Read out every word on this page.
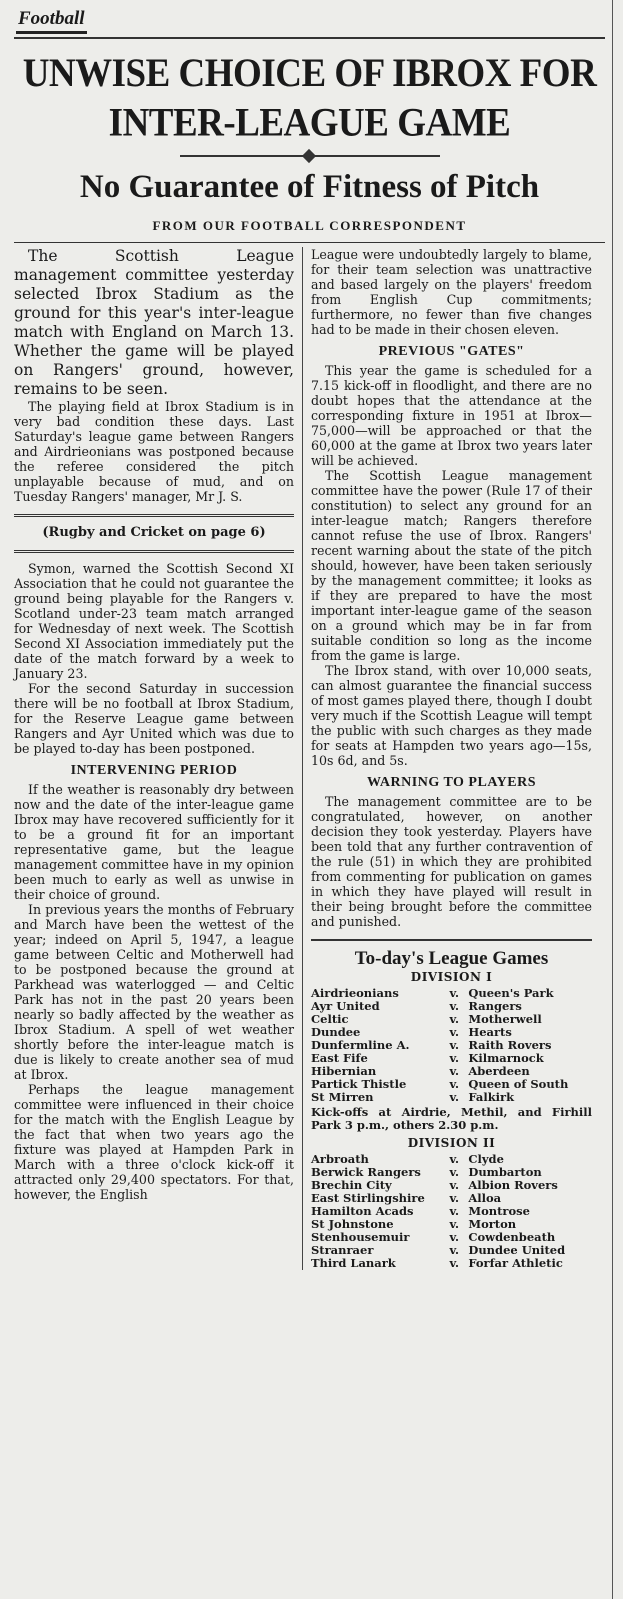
Football
UNWISE CHOICE OF IBROX FOR INTER-LEAGUE GAME
No Guarantee of Fitness of Pitch
FROM OUR FOOTBALL CORRESPONDENT

The Scottish League management committee yesterday selected Ibrox Stadium as the ground for this year's inter-league match with England on March 13. Whether the game will be played on Rangers' ground, however, remains to be seen.

The playing field at Ibrox Stadium is in very bad condition these days. Last Saturday's league game between Rangers and Airdrieonians was postponed because the referee considered the pitch unplayable because of mud, and on Tuesday Rangers' manager, Mr J. S.

(Rugby and Cricket on page 6)

Symon, warned the Scottish Second XI Association that he could not guarantee the ground being playable for the Rangers v. Scotland under-23 team match arranged for Wednesday of next week. The Scottish Second XI Association immediately put the date of the match forward by a week to January 23.

For the second Saturday in succession there will be no football at Ibrox Stadium, for the Reserve League game between Rangers and Ayr United which was due to be played to-day has been postponed.

INTERVENING PERIOD

If the weather is reasonably dry between now and the date of the inter-league game Ibrox may have recovered sufficiently for it to be a ground fit for an important representative game, but the league management committee have in my opinion been much to early as well as unwise in their choice of ground.

In previous years the months of February and March have been the wettest of the year; indeed on April 5, 1947, a league game between Celtic and Motherwell had to be postponed because the ground at Parkhead was waterlogged — and Celtic Park has not in the past 20 years been nearly so badly affected by the weather as Ibrox Stadium. A spell of wet weather shortly before the inter-league match is due is likely to create another sea of mud at Ibrox.

Perhaps the league management committee were influenced in their choice for the match with the English League by the fact that when two years ago the fixture was played at Hampden Park in March with a three o'clock kick-off it attracted only 29,400 spectators. For that, however, the English

League were undoubtedly largely to blame, for their team selection was unattractive and based largely on the players' freedom from English Cup commitments; furthermore, no fewer than five changes had to be made in their chosen eleven.

PREVIOUS "GATES"

This year the game is scheduled for a 7.15 kick-off in floodlight, and there are no doubt hopes that the attendance at the corresponding fixture in 1951 at Ibrox—75,000—will be approached or that the 60,000 at the game at Ibrox two years later will be achieved.

The Scottish League management committee have the power (Rule 17 of their constitution) to select any ground for an inter-league match; Rangers therefore cannot refuse the use of Ibrox. Rangers' recent warning about the state of the pitch should, however, have been taken seriously by the management committee; it looks as if they are prepared to have the most important inter-league game of the season on a ground which may be in far from suitable condition so long as the income from the game is large.

The Ibrox stand, with over 10,000 seats, can almost guarantee the financial success of most games played there, though I doubt very much if the Scottish League will tempt the public with such charges as they made for seats at Hampden two years ago—15s, 10s 6d, and 5s.

WARNING TO PLAYERS

The management committee are to be congratulated, however, on another decision they took yesterday. Players have been told that any further contravention of the rule (51) in which they are prohibited from commenting for publication on games in which they have played will result in their being brought before the committee and punished.

To-day's League Games
DIVISION I
Airdrieonians	v.	Queen's Park
Ayr United	v.	Rangers
Celtic	v.	Motherwell
Dundee	v.	Hearts
Dunfermline A.	v.	Raith Rovers
East Fife	v.	Kilmarnock
Hibernian	v.	Aberdeen
Partick Thistle	v.	Queen of South
St Mirren	v.	Falkirk
Kick-offs at Airdrie, Methil, and Firhill Park 3 p.m., others 2.30 p.m.
DIVISION II
Arbroath	v.	Clyde
Berwick Rangers	v.	Dumbarton
Brechin City	v.	Albion Rovers
East Stirlingshire	v.	Alloa
Hamilton Acads	v.	Montrose
St Johnstone	v.	Morton
Stenhousemuir	v.	Cowdenbeath
Stranraer	v.	Dundee United
Third Lanark	v.	Forfar Athletic
